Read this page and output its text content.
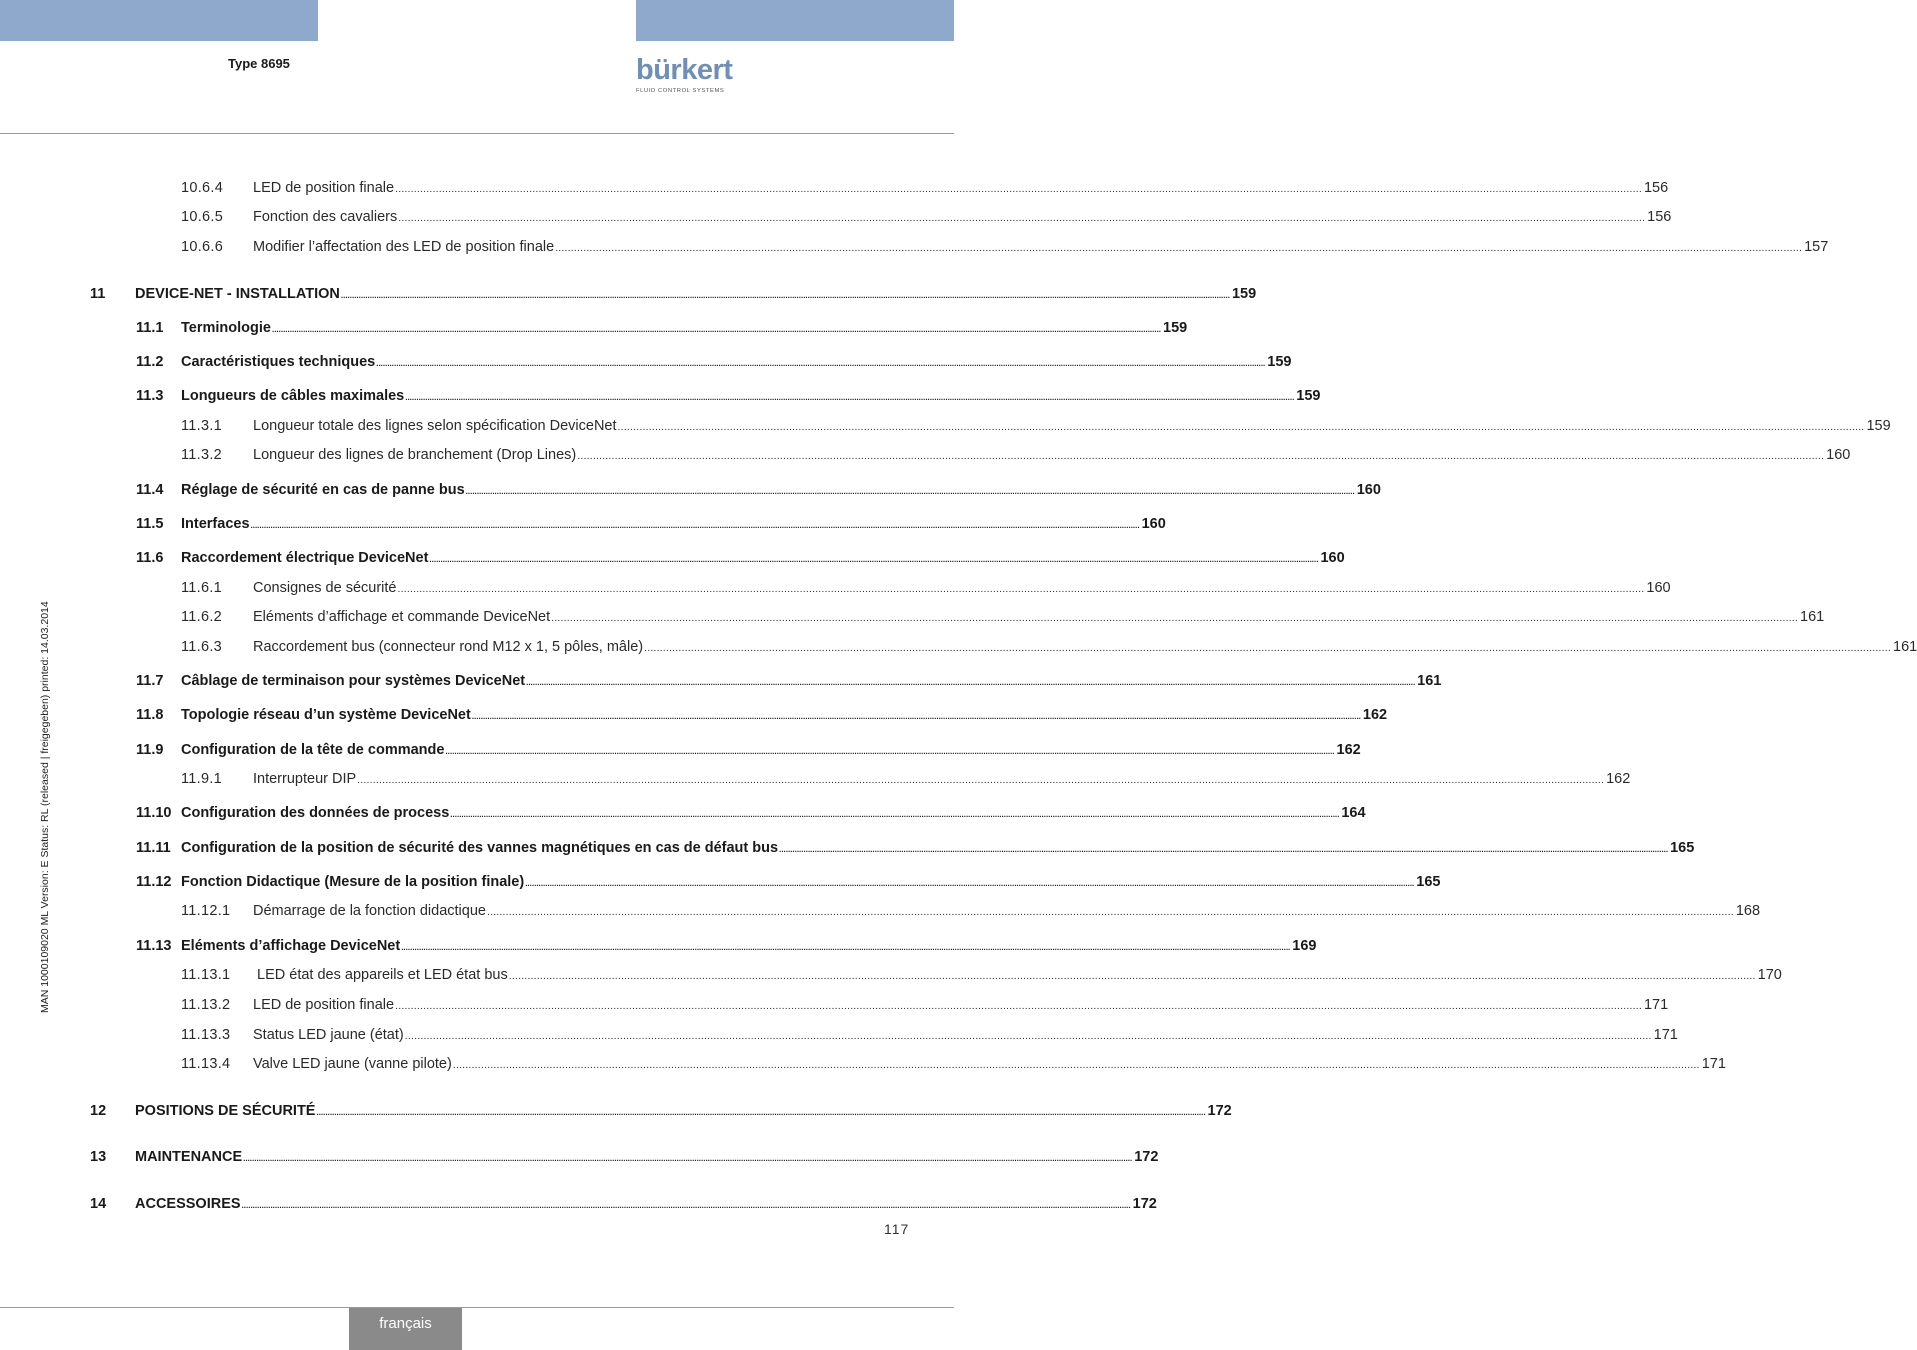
Type 8695	bürkert
FLUID CONTROL SYSTEMS
MAN 1000109020 ML Version: E Status: RL (released | freigegeben) printed: 14.03.2014
10.6.4	LED de position finale ................................................................................................................................................................................................................................................................................................................................................................................................................ 156
10.6.5	Fonction des cavaliers ................................................................................................................................................................................................................................................................................................................................................................................................................ 156
10.6.6	Modifier l’affectation des LED de position finale ................................................................................................................................................................................................................................................................................................................................................................................................................ 157
11	DEVICE-NET - INSTALLATION ................................................................................................................................................................................................................................................................................................................................................................................................................ 159
11.1	Terminologie ................................................................................................................................................................................................................................................................................................................................................................................................................ 159
11.2	Caractéristiques techniques ................................................................................................................................................................................................................................................................................................................................................................................................................ 159
11.3	Longueurs de câbles maximales ................................................................................................................................................................................................................................................................................................................................................................................................................ 159
11.3.1	Longueur totale des lignes selon spécification DeviceNet ................................................................................................................................................................................................................................................................................................................................................................................................................ 159
11.3.2	Longueur des lignes de branchement (Drop Lines) ................................................................................................................................................................................................................................................................................................................................................................................................................ 160
11.4	Réglage de sécurité en cas de panne bus ................................................................................................................................................................................................................................................................................................................................................................................................................ 160
11.5	Interfaces ................................................................................................................................................................................................................................................................................................................................................................................................................ 160
11.6	Raccordement électrique DeviceNet ................................................................................................................................................................................................................................................................................................................................................................................................................ 160
11.6.1	Consignes de sécurité ................................................................................................................................................................................................................................................................................................................................................................................................................ 160
11.6.2	Eléments d’affichage et commande DeviceNet ................................................................................................................................................................................................................................................................................................................................................................................................................ 161
11.6.3	Raccordement bus (connecteur rond M12 x 1, 5 pôles, mâle) ................................................................................................................................................................................................................................................................................................................................................................................................................ 161
11.7	Câblage de terminaison pour systèmes DeviceNet ................................................................................................................................................................................................................................................................................................................................................................................................................ 161
11.8	Topologie réseau d’un système DeviceNet ................................................................................................................................................................................................................................................................................................................................................................................................................ 162
11.9	Configuration de la tête de commande ................................................................................................................................................................................................................................................................................................................................................................................................................ 162
11.9.1	Interrupteur DIP ................................................................................................................................................................................................................................................................................................................................................................................................................ 162
11.10 Configuration des données de process ................................................................................................................................................................................................................................................................................................................................................................................................................ 164
11.11 Configuration de la position de sécurité des vannes magnétiques en cas de défaut bus ................................................................................................................................................................................................................................................................................................................................................................................................................ 165
11.12 Fonction Didactique (Mesure de la position finale) ................................................................................................................................................................................................................................................................................................................................................................................................................ 165
11.12.1	Démarrage de la fonction didactique ................................................................................................................................................................................................................................................................................................................................................................................................................ 168
11.13 Eléments d’affichage DeviceNet ................................................................................................................................................................................................................................................................................................................................................................................................................ 169
11.13.1	LED état des appareils et LED état bus ................................................................................................................................................................................................................................................................................................................................................................................................................ 170
11.13.2	LED de position finale ................................................................................................................................................................................................................................................................................................................................................................................................................ 171
11.13.3	Status LED jaune (état) ................................................................................................................................................................................................................................................................................................................................................................................................................ 171
11.13.4	Valve LED jaune (vanne pilote) ................................................................................................................................................................................................................................................................................................................................................................................................................ 171
12	POSITIONS DE SÉCURITÉ ................................................................................................................................................................................................................................................................................................................................................................................................................ 172
13	MAINTENANCE ................................................................................................................................................................................................................................................................................................................................................................................................................ 172
14	ACCESSOIRES ................................................................................................................................................................................................................................................................................................................................................................................................................ 172
117
français
